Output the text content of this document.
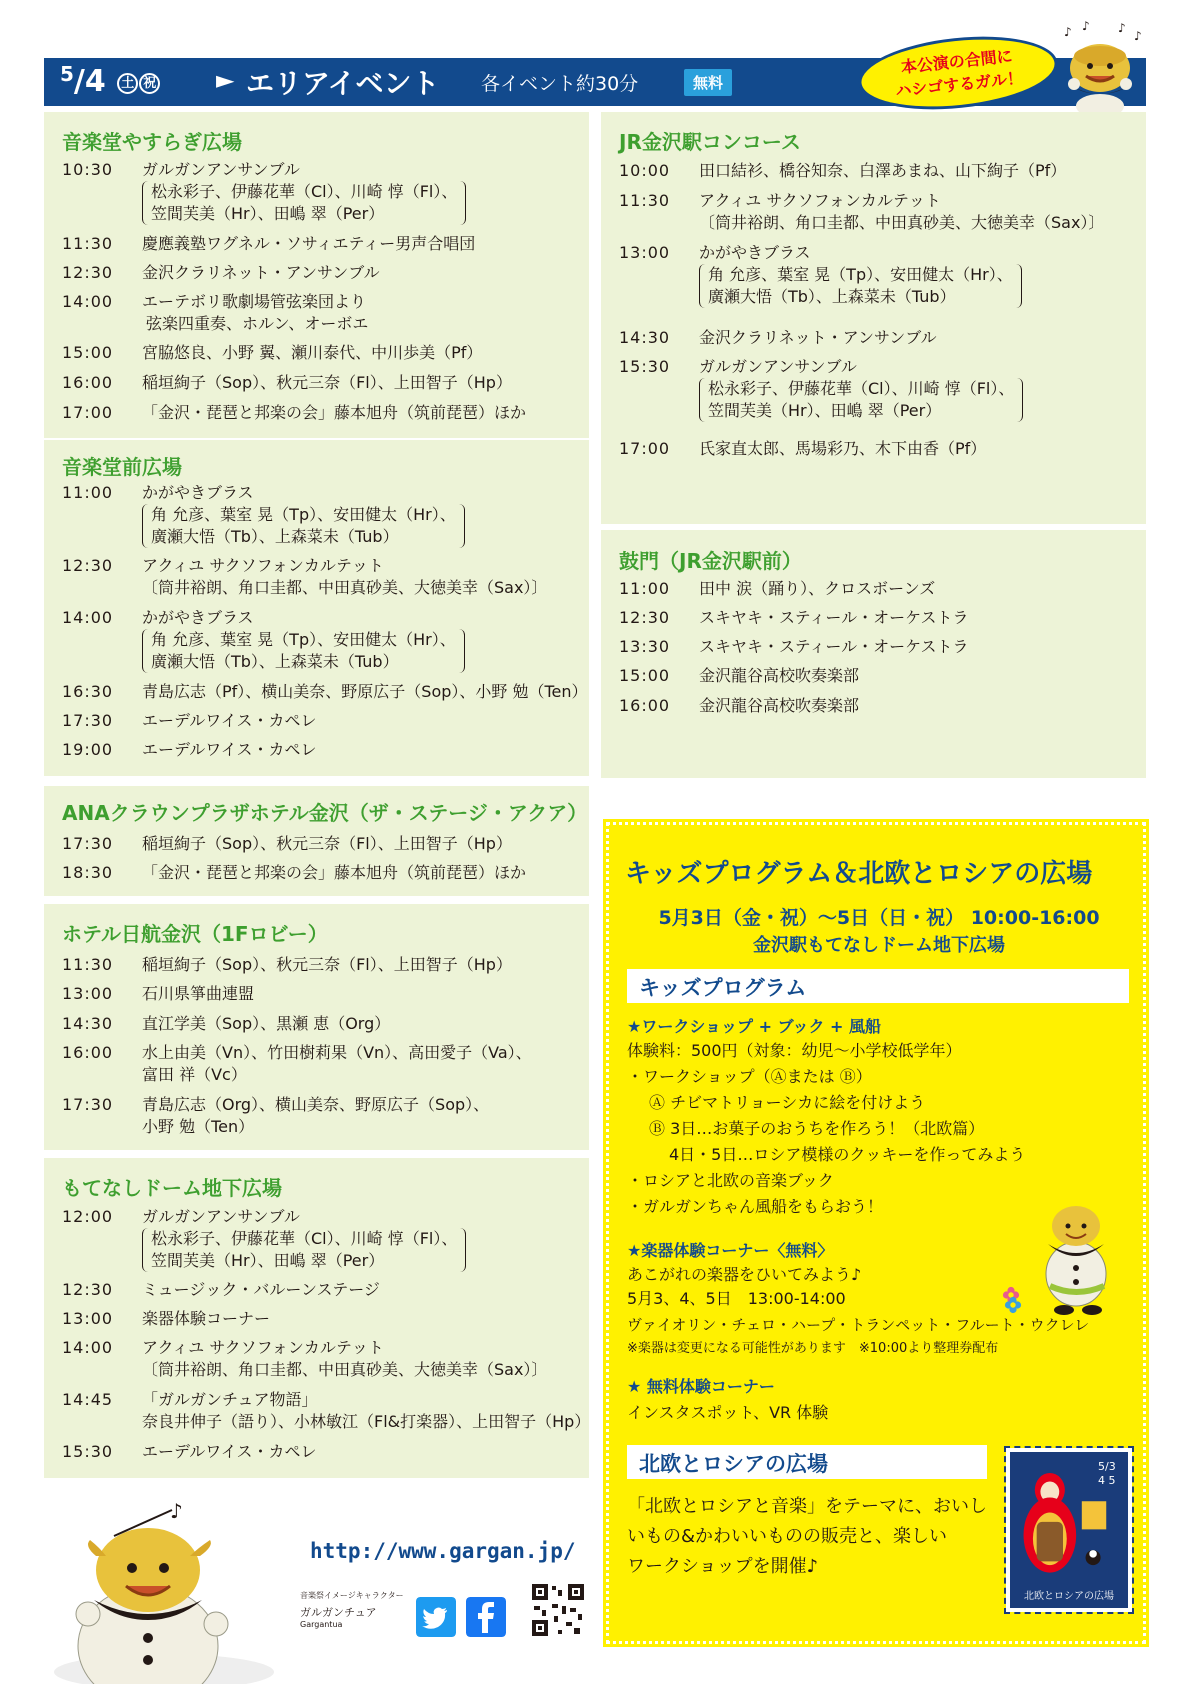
$^5$/4 土 祝 ► エリアイベント 各イベント約30分	無料
本公演の合間に
ハシゴするガル！
♪ ♪ ♪
♪
音楽堂やすらぎ広場
10:30 ガルガンアンサンブル
松永彩子、伊藤花華（Cl）、川崎 惇（Fl）、
笠間芙美（Hr）、田嶋 翠（Per）
11:30 慶應義塾ワグネル・ソサィエティー男声合唱団
12:30 金沢クラリネット・アンサンブル
14:00 エーテボリ歌劇場管弦楽団より
弦楽四重奏、ホルン、オーボエ
15:00 宮脇悠良、小野 翼、瀬川泰代、中川歩美（Pf）
16:00 稲垣絢子（Sop）、秋元三奈（Fl）、上田智子（Hp）
17:00 「金沢・琵琶と邦楽の会」藤本旭舟（筑前琵琶）ほか
音楽堂前広場
11:00 かがやきブラス
角 允彦、葉室 晃（Tp）、安田健太（Hr）、
廣瀬大悟（Tb）、上森菜未（Tub）
12:30 アクィユ サクソフォンカルテット
〔筒井裕朗、角口圭都、中田真砂美、大徳美幸（Sax）〕
14:00 かがやきブラス
角 允彦、葉室 晃（Tp）、安田健太（Hr）、
廣瀬大悟（Tb）、上森菜未（Tub）
16:30 青島広志（Pf）、横山美奈、野原広子（Sop）、小野 勉（Ten）
17:30 エーデルワイス・カペレ
19:00 エーデルワイス・カペレ
ANAクラウンプラザホテル金沢（ザ・ステージ・アクア）
17:30 稲垣絢子（Sop）、秋元三奈（Fl）、上田智子（Hp）
18:30 「金沢・琵琶と邦楽の会」藤本旭舟（筑前琵琶）ほか
ホテル日航金沢（1Fロビー）
11:30 稲垣絢子（Sop）、秋元三奈（Fl）、上田智子（Hp）
13:00 石川県箏曲連盟
14:30 直江学美（Sop）、黒瀬 恵（Org）
16:00 水上由美（Vn）、竹田樹莉果（Vn）、高田愛子（Va）、
富田 祥（Vc）
17:30 青島広志（Org）、横山美奈、野原広子（Sop）、
小野 勉（Ten）
もてなしドーム地下広場
12:00 ガルガンアンサンブル
松永彩子、伊藤花華（Cl）、川崎 惇（Fl）、
笠間芙美（Hr）、田嶋 翠（Per）
12:30 ミュージック・バルーンステージ
13:00 楽器体験コーナー
14:00 アクィユ サクソフォンカルテット
〔筒井裕朗、角口圭都、中田真砂美、大徳美幸（Sax）〕
14:45 「ガルガンチュア物語」
奈良井伸子（語り）、小林敏江（Fl&打楽器）、上田智子（Hp）
15:30 エーデルワイス・カペレ
JR金沢駅コンコース
10:00 田口結衫、橋谷知奈、白澤あまね、山下絢子（Pf）
11:30 アクィユ サクソフォンカルテット
〔筒井裕朗、角口圭都、中田真砂美、大徳美幸（Sax）〕
13:00 かがやきブラス
角 允彦、葉室 晃（Tp）、安田健太（Hr）、
廣瀬大悟（Tb）、上森菜未（Tub）
14:30 金沢クラリネット・アンサンブル
15:30 ガルガンアンサンブル
松永彩子、伊藤花華（Cl）、川崎 惇（Fl）、
笠間芙美（Hr）、田嶋 翠（Per）
17:00 氏家直太郎、馬場彩乃、木下由香（Pf）
鼓門（JR金沢駅前）
11:00 田中 涙（踊り）、クロスボーンズ
12:30 スキヤキ・スティール・オーケストラ
13:30 スキヤキ・スティール・オーケストラ
15:00 金沢龍谷高校吹奏楽部
16:00 金沢龍谷高校吹奏楽部
キッズプログラム＆北欧とロシアの広場
5月3日（金・祝）〜5日（日・祝） 10:00-16:00
金沢駅もてなしドーム地下広場
キッズプログラム
★ワークショップ + ブック + 風船
体験料：500円（対象：幼児〜小学校低学年）
・ワークショップ（Ⓐまたは Ⓑ）
Ⓐ チビマトリョーシカに絵を付けよう
Ⓑ 3日…お菓子のおうちを作ろう！（北欧篇）
4日・5日…ロシア模様のクッキーを作ってみよう
・ロシアと北欧の音楽ブック
・ガルガンちゃん風船をもらおう！
★楽器体験コーナー〈無料〉
あこがれの楽器をひいてみよう♪
5月3、4、5日　13:00-14:00
ヴァイオリン・チェロ・ハープ・トランペット・フルート・ウクレレ
※楽器は変更になる可能性があります　※10:00より整理券配布
★ 無料体験コーナー
インスタスポット、VR 体験
北欧とロシアの広場
「北欧とロシアと音楽」をテーマに、おいし
いもの&かわいいものの販売と、楽しい
ワークショップを開催♪
5/3 4 5
北欧とロシアの広場
♪
http://www.gargan.jp/
音楽祭イメージキャラクター
ガルガンチュア
Gargantua
